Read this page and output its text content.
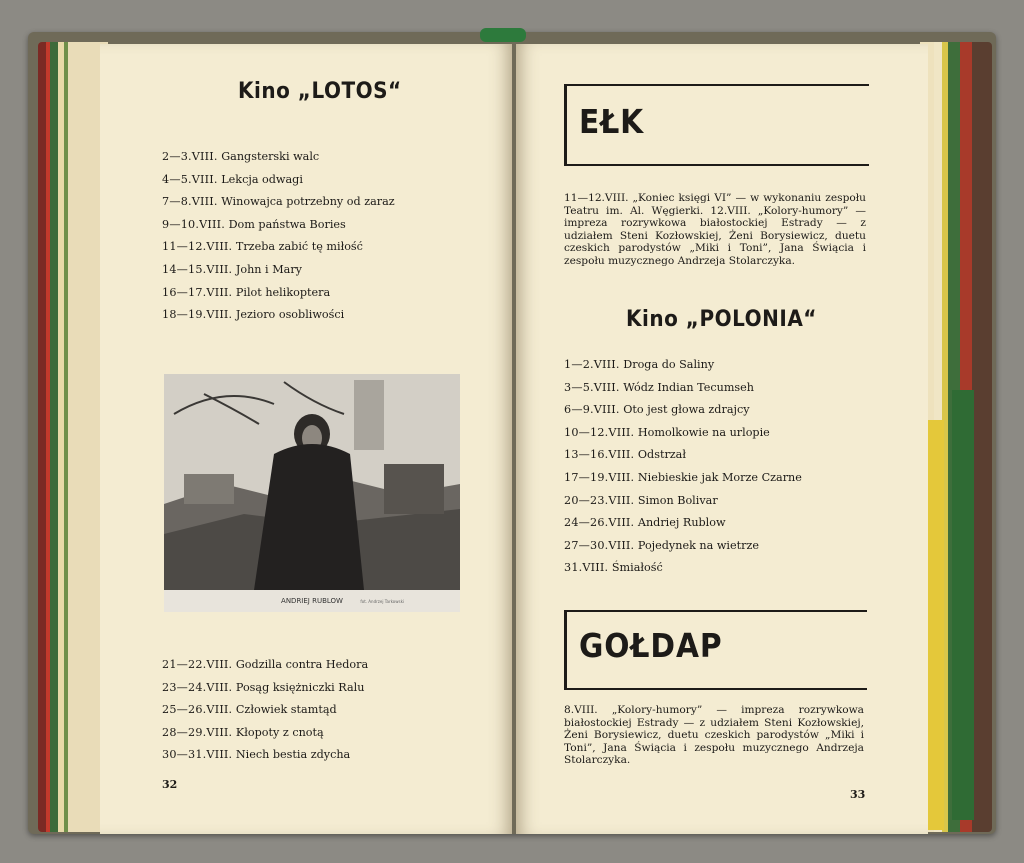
Kino „LOTOS“
2—3.VIII. Gangsterski walc
4—5.VIII. Lekcja odwagi
7—8.VIII. Winowajca potrzebny od zaraz
9—10.VIII. Dom państwa Bories
11—12.VIII. Trzeba zabić tę miłość
14—15.VIII. John i Mary
16—17.VIII. Pilot helikoptera
18—19.VIII. Jezioro osobliwości
ANDRIEJ RUBLOW	fot. Andrzej Tarkowski
21—22.VIII. Godzilla contra Hedora
23—24.VIII. Posąg księżniczki Ralu
25—26.VIII. Człowiek stamtąd
28—29.VIII. Kłopoty z cnotą
30—31.VIII. Niech bestia zdycha
32
EŁK
11—12.VIII. „Koniec księgi VI” — w wykonaniu zespołu Teatru im. Al. Węgierki. 12.VIII. „Kolory-humory” — impreza rozrywkowa białostockiej Estrady — z udziałem Steni Kozłowskiej, Żeni Borysiewicz, duetu czeskich parodystów „Miki i Toni”, Jana Świącia i zespołu muzycznego Andrzeja Stolarczyka.
Kino „POLONIA“
1—2.VIII. Droga do Saliny
3—5.VIII. Wódz Indian Tecumseh
6—9.VIII. Oto jest głowa zdrajcy
10—12.VIII. Homolkowie na urlopie
13—16.VIII. Odstrzał
17—19.VIII. Niebieskie jak Morze Czarne
20—23.VIII. Simon Bolivar
24—26.VIII. Andriej Rublow
27—30.VIII. Pojedynek na wietrze
31.VIII. Śmiałość
GOŁDAP
8.VIII. „Kolory-humory” — impreza rozrywkowa białostockiej Estrady — z udziałem Steni Kozłowskiej, Żeni Borysiewicz, duetu czeskich parodystów „Miki i Toni”, Jana Świącia i zespołu muzycznego Andrzeja Stolarczyka.
33
